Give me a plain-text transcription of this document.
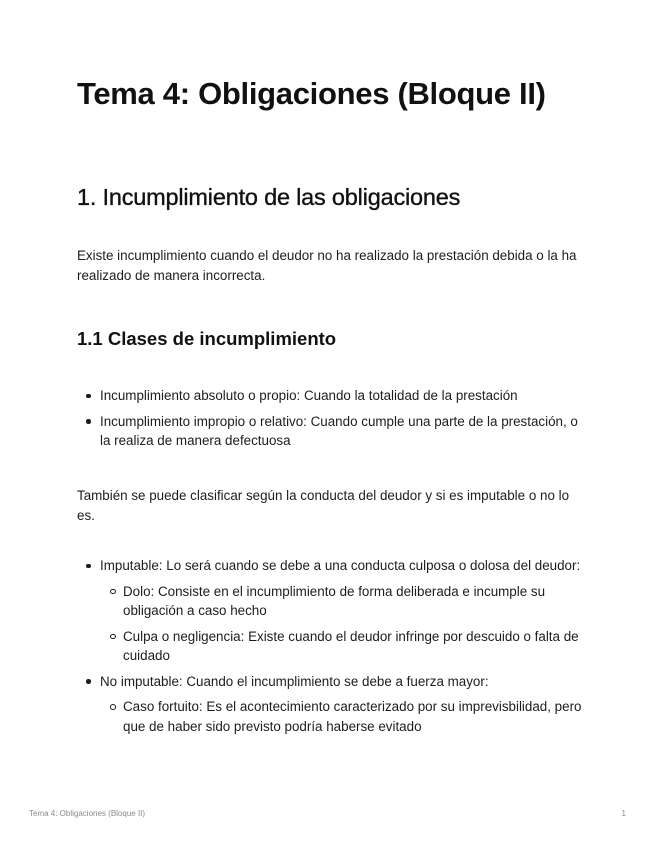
Tema 4: Obligaciones (Bloque II)
1. Incumplimiento de las obligaciones

Existe incumplimiento cuando el deudor no ha realizado la prestación debida o la ha realizado de manera incorrecta.

1.1 Clases de incumplimiento
Incumplimiento absoluto o propio: Cuando la totalidad de la prestación
Incumplimiento impropio o relativo: Cuando cumple una parte de la prestación, o la realiza de manera defectuosa

También se puede clasificar según la conducta del deudor y si es imputable o no lo es.

Imputable: Lo será cuando se debe a una conducta culposa o dolosa del deudor:
Dolo: Consiste en el incumplimiento de forma deliberada e incumple su obligación a caso hecho
Culpa o negligencia: Existe cuando el deudor infringe por descuido o falta de cuidado
No imputable: Cuando el incumplimiento se debe a fuerza mayor:
Caso fortuito: Es el acontecimiento caracterizado por su imprevisbilidad, pero que de haber sido previsto podría haberse evitado
Tema 4: Obligaciones (Bloque II)	1
